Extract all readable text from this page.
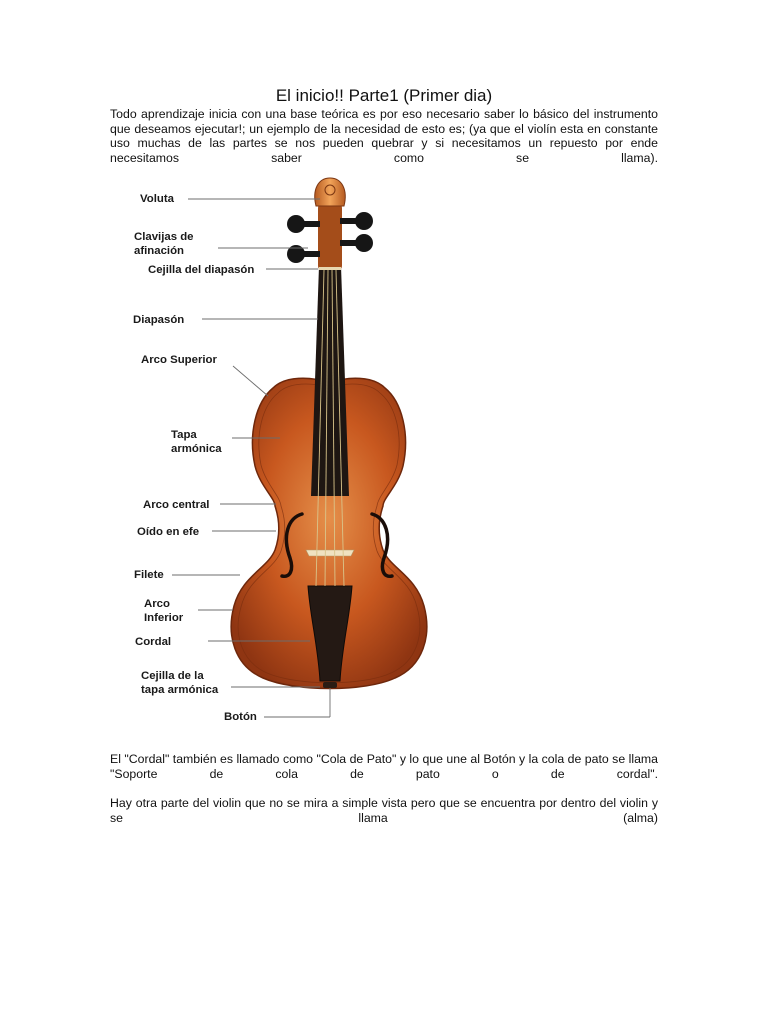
El inicio!! Parte1 (Primer dia)
Todo aprendizaje inicia con una base teórica es por eso necesario saber lo básico del instrumento que deseamos ejecutar!; un ejemplo de la necesidad de esto es; (ya que el violín esta en constante uso muchas de las partes se nos pueden quebrar y si necesitamos un repuesto por ende necesitamos saber como se llama).
Voluta
Clavijas de
afinación
Cejilla del diapasón
Diapasón
Arco Superior
Tapa
armónica
Arco central
Oído en efe
Filete
Arco
Inferior
Cordal
Cejilla de la
tapa armónica
Botón
El "Cordal" también es llamado como "Cola de Pato" y lo que une al Botón y la cola de pato se llama "Soporte de cola de pato o de cordal".
Hay otra parte del violin que no se mira a simple vista pero que se encuentra por dentro del violin y se llama (alma)
